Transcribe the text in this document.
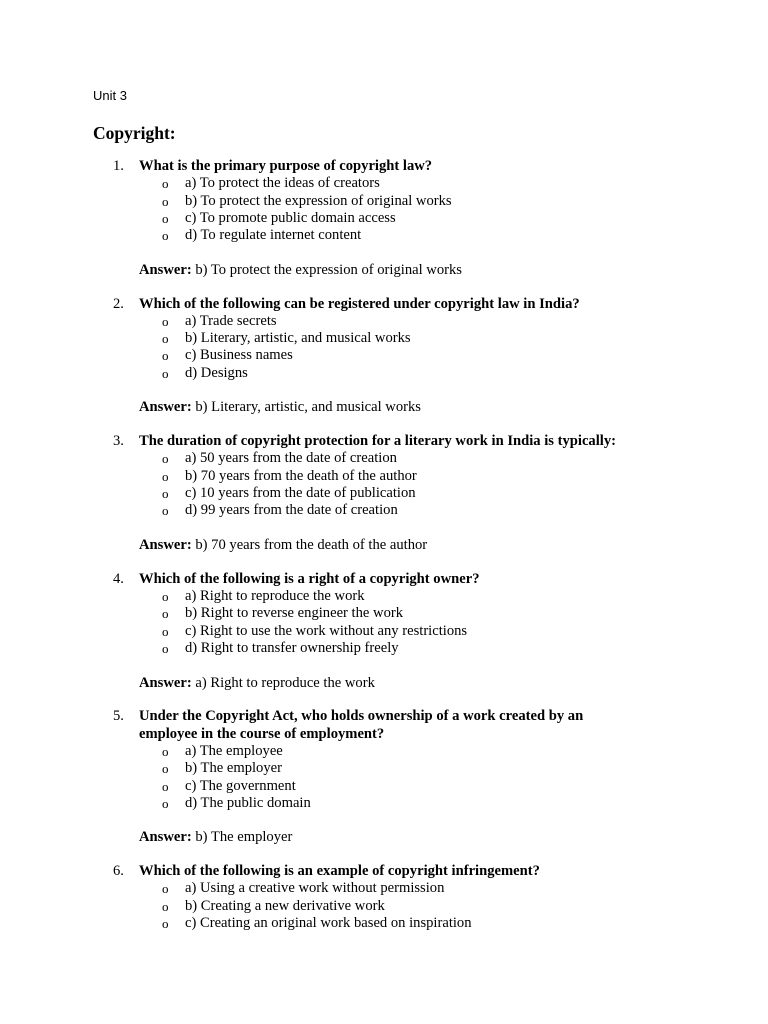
Unit 3
Copyright:
1.	What is the primary purpose of copyright law?
o a) To protect the ideas of creators
o b) To protect the expression of original works
o c) To promote public domain access
o d) To regulate internet content
Answer: b) To protect the expression of original works
2.	Which of the following can be registered under copyright law in India?
o a) Trade secrets
o b) Literary, artistic, and musical works
o c) Business names
o d) Designs
Answer: b) Literary, artistic, and musical works
3.	The duration of copyright protection for a literary work in India is typically:
o a) 50 years from the date of creation
o b) 70 years from the death of the author
o c) 10 years from the date of publication
o d) 99 years from the date of creation
Answer: b) 70 years from the death of the author
4.	Which of the following is a right of a copyright owner?
o a) Right to reproduce the work
o b) Right to reverse engineer the work
o c) Right to use the work without any restrictions
o d) Right to transfer ownership freely
Answer: a) Right to reproduce the work
5.	Under the Copyright Act, who holds ownership of a work created by an employee in the course of employment?
o a) The employee
o b) The employer
o c) The government
o d) The public domain
Answer: b) The employer
6.	Which of the following is an example of copyright infringement?
o a) Using a creative work without permission
o b) Creating a new derivative work
o c) Creating an original work based on inspiration
